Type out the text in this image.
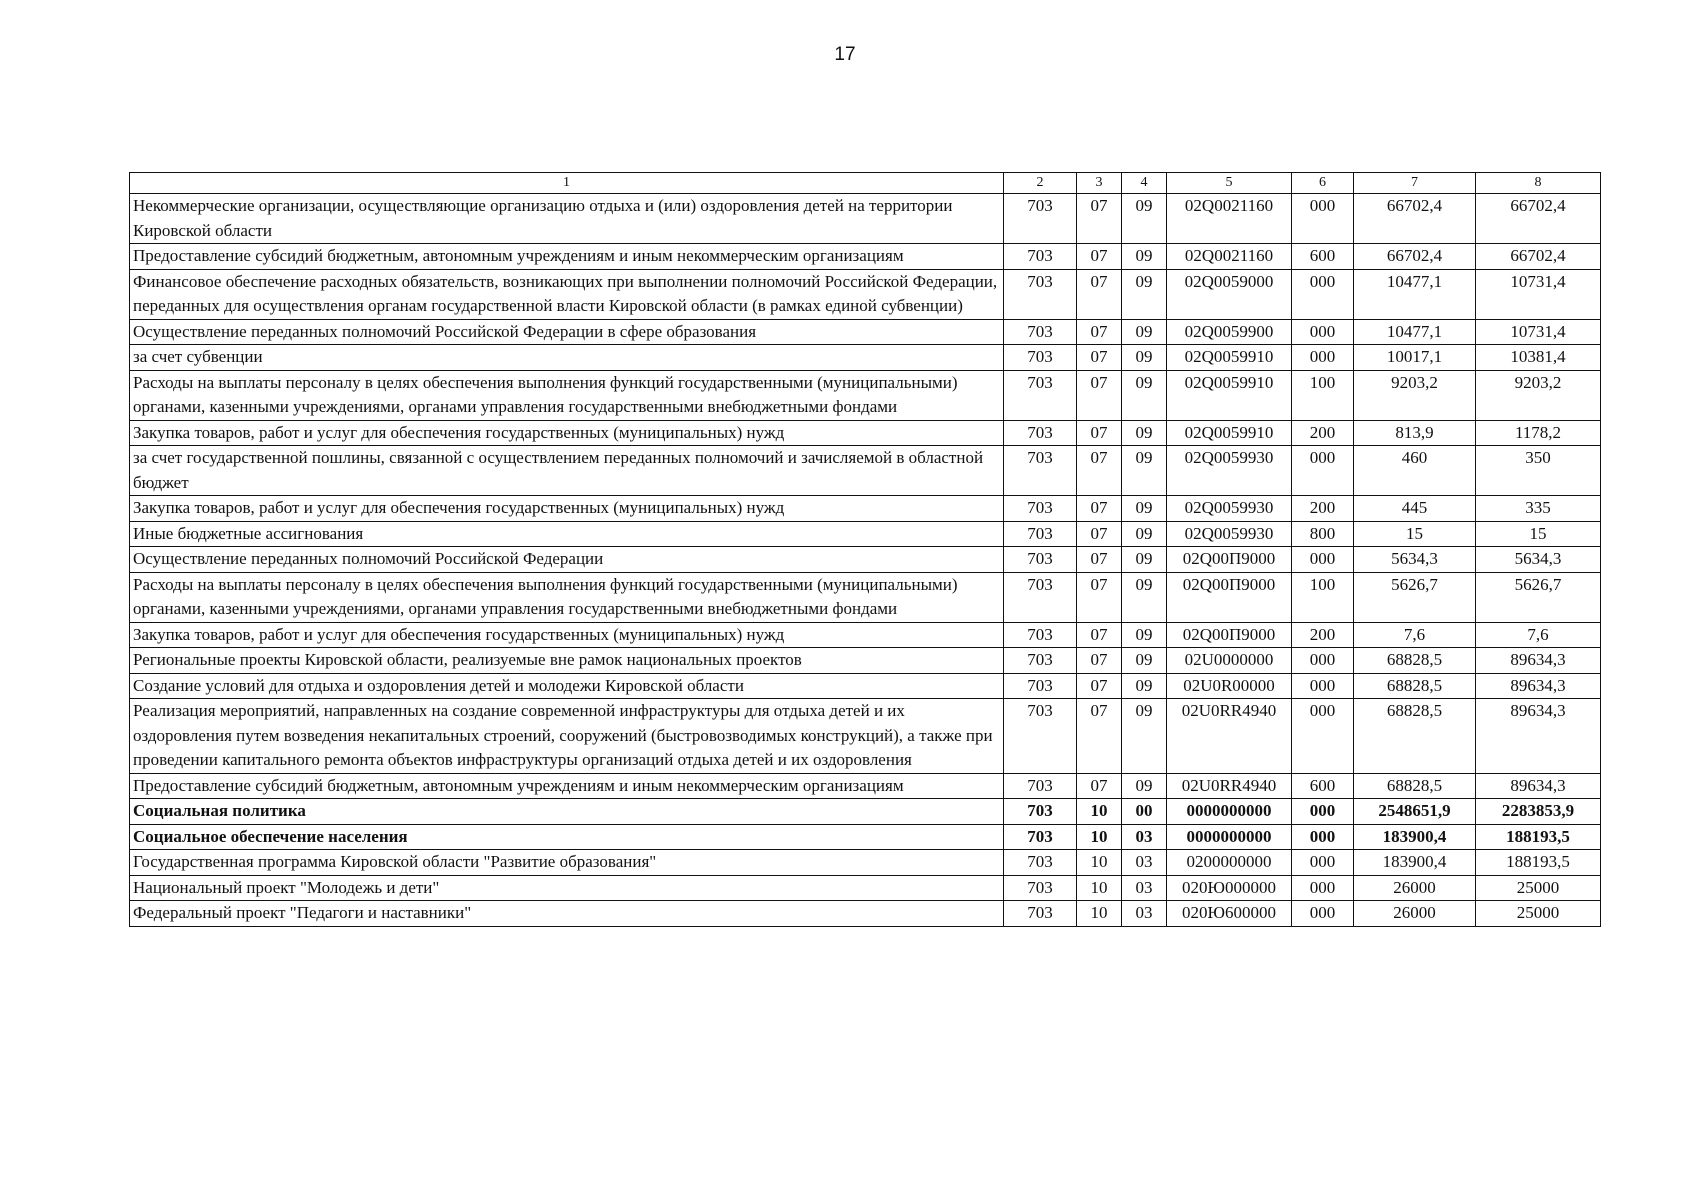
17
1	2	3	4	5	6	7	8
Некоммерческие организации, осуществляющие организацию отдыха и (или) оздоровления детей на территории Кировской области	703	07	09	02Q0021160	000	66702,4	66702,4
Предоставление субсидий бюджетным, автономным учреждениям и иным некоммерческим организациям	703	07	09	02Q0021160	600	66702,4	66702,4
Финансовое обеспечение расходных обязательств, возникающих при выполнении полномочий Российской Федерации, переданных для осуществления органам государственной власти Кировской области (в рамках единой субвенции)	703	07	09	02Q0059000	000	10477,1	10731,4
Осуществление переданных полномочий Российской Федерации в сфере образования	703	07	09	02Q0059900	000	10477,1	10731,4
за счет субвенции	703	07	09	02Q0059910	000	10017,1	10381,4
Расходы на выплаты персоналу в целях обеспечения выполнения функций государственными (муниципальными) органами, казенными учреждениями, органами управления государственными внебюджетными фондами	703	07	09	02Q0059910	100	9203,2	9203,2
Закупка товаров, работ и услуг для обеспечения государственных (муниципальных) нужд	703	07	09	02Q0059910	200	813,9	1178,2
за счет государственной пошлины, связанной с осуществлением переданных полномочий и зачисляемой в областной бюджет	703	07	09	02Q0059930	000	460	350
Закупка товаров, работ и услуг для обеспечения государственных (муниципальных) нужд	703	07	09	02Q0059930	200	445	335
Иные бюджетные ассигнования	703	07	09	02Q0059930	800	15	15
Осуществление переданных полномочий Российской Федерации	703	07	09	02Q00П9000	000	5634,3	5634,3
Расходы на выплаты персоналу в целях обеспечения выполнения функций государственными (муниципальными) органами, казенными учреждениями, органами управления государственными внебюджетными фондами	703	07	09	02Q00П9000	100	5626,7	5626,7
Закупка товаров, работ и услуг для обеспечения государственных (муниципальных) нужд	703	07	09	02Q00П9000	200	7,6	7,6
Региональные проекты Кировской области, реализуемые вне рамок национальных проектов	703	07	09	02U0000000	000	68828,5	89634,3
Создание условий для отдыха и оздоровления детей и молодежи Кировской области	703	07	09	02U0R00000	000	68828,5	89634,3
Реализация мероприятий, направленных на создание современной инфраструктуры для отдыха детей и их оздоровления путем возведения некапитальных строений, сооружений (быстровозводимых конструкций), а также при проведении капитального ремонта объектов инфраструктуры организаций отдыха детей и их оздоровления	703	07	09	02U0RR4940	000	68828,5	89634,3
Предоставление субсидий бюджетным, автономным учреждениям и иным некоммерческим организациям	703	07	09	02U0RR4940	600	68828,5	89634,3
Социальная политика	703	10	00	0000000000	000	2548651,9	2283853,9
Социальное обеспечение населения	703	10	03	0000000000	000	183900,4	188193,5
Государственная программа Кировской области "Развитие образования"	703	10	03	0200000000	000	183900,4	188193,5
Национальный проект "Молодежь и дети"	703	10	03	020Ю000000	000	26000	25000
Федеральный проект "Педагоги и наставники"	703	10	03	020Ю600000	000	26000	25000
